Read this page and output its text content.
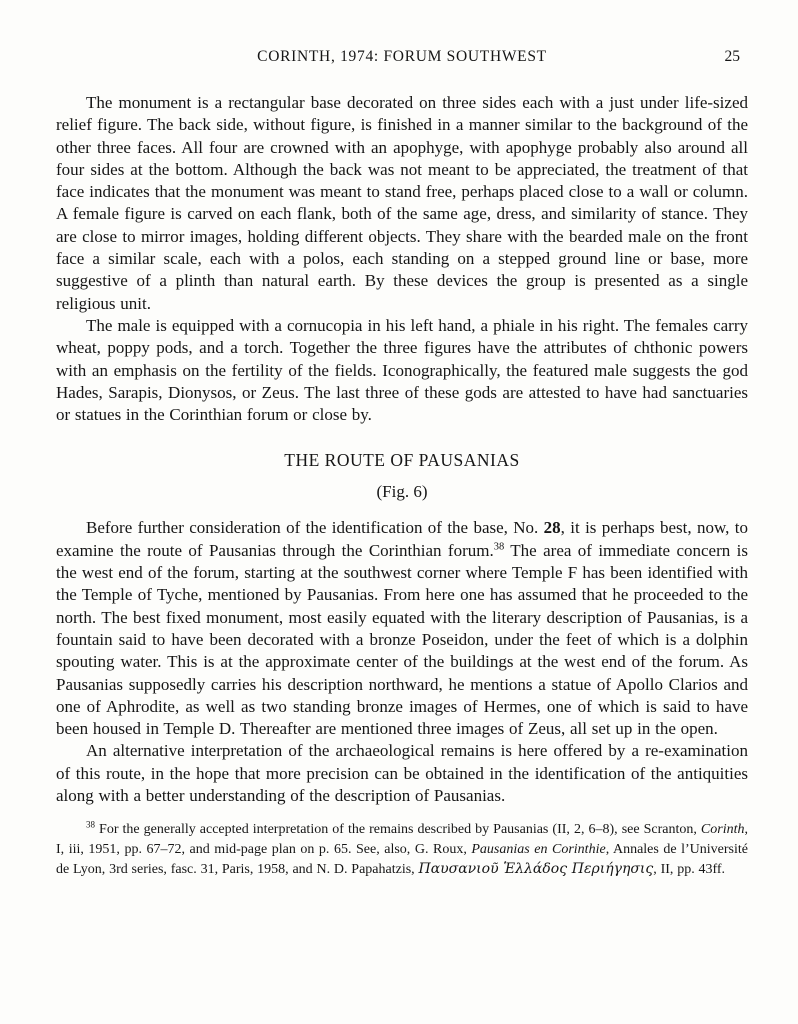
CORINTH, 1974: FORUM SOUTHWEST	25

The monument is a rectangular base decorated on three sides each with a just under life-sized relief figure. The back side, without figure, is finished in a manner similar to the background of the other three faces. All four are crowned with an apophyge, with apophyge probably also around all four sides at the bottom. Although the back was not meant to be appreciated, the treatment of that face indicates that the monument was meant to stand free, perhaps placed close to a wall or column. A female figure is carved on each flank, both of the same age, dress, and similarity of stance. They are close to mirror images, holding different objects. They share with the bearded male on the front face a similar scale, each with a polos, each standing on a stepped ground line or base, more suggestive of a plinth than natural earth. By these devices the group is presented as a single religious unit.

The male is equipped with a cornucopia in his left hand, a phiale in his right. The females carry wheat, poppy pods, and a torch. Together the three figures have the attributes of chthonic powers with an emphasis on the fertility of the fields. Iconographically, the featured male suggests the god Hades, Sarapis, Dionysos, or Zeus. The last three of these gods are attested to have had sanctuaries or statues in the Corinthian forum or close by.

THE ROUTE OF PAUSANIAS
(Fig. 6)

Before further consideration of the identification of the base, No. 28, it is perhaps best, now, to examine the route of Pausanias through the Corinthian forum.$^{38}$ The area of immediate concern is the west end of the forum, starting at the southwest corner where Temple F has been identified with the Temple of Tyche, mentioned by Pausanias. From here one has assumed that he proceeded to the north. The best fixed monument, most easily equated with the literary description of Pausanias, is a fountain said to have been decorated with a bronze Poseidon, under the feet of which is a dolphin spouting water. This is at the approximate center of the buildings at the west end of the forum. As Pausanias supposedly carries his description northward, he mentions a statue of Apollo Clarios and one of Aphrodite, as well as two standing bronze images of Hermes, one of which is said to have been housed in Temple D. Thereafter are mentioned three images of Zeus, all set up in the open.

An alternative interpretation of the archaeological remains is here offered by a re-examination of this route, in the hope that more precision can be obtained in the identification of the antiquities along with a better understanding of the description of Pausanias.

$^{38}$ For the generally accepted interpretation of the remains described by Pausanias (II, 2, 6–8), see Scranton, Corinth, I, iii, 1951, pp. 67–72, and mid-page plan on p. 65. See, also, G. Roux, Pausanias en Corinthie, Annales de l’Université de Lyon, 3rd series, fasc. 31, Paris, 1958, and N. D. Papahatzis, Παυσανιοῦ Ἑλλάδος Περιήγησις, II, pp. 43ff.
